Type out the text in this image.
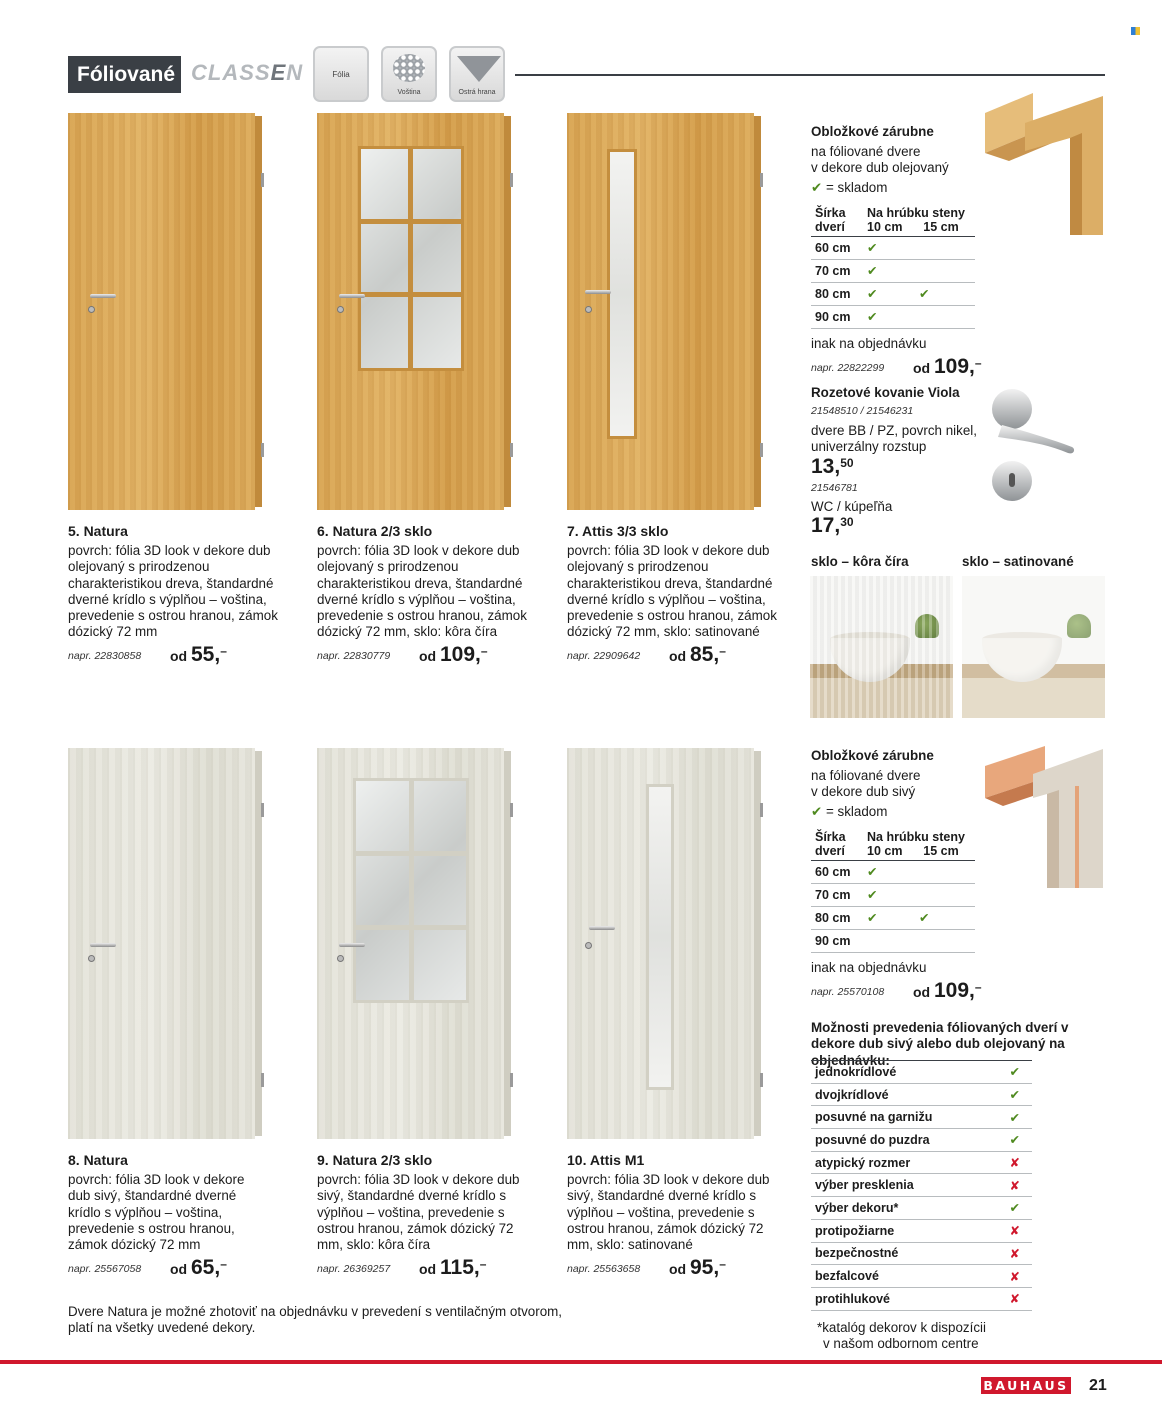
Fóliované CLASSEN	Fólia
Voština	Ostrá hrana
5. Natura
povrch: fólia 3D look v dekore dub olejovaný s prirodzenou charakteristikou dreva, štandardné dverné krídlo s výplňou – voština, prevedenie s ostrou hranou, zámok dózický 72 mm
napr. 22830858 od 55,–
6. Natura 2/3 sklo
povrch: fólia 3D look v dekore dub olejovaný s prirodzenou charakteristikou dreva, štandardné dverné krídlo s výplňou – voština, prevedenie s ostrou hranou, zámok dózický 72 mm, sklo: kôra číra
napr. 22830779 od 109,–
7. Attis 3/3 sklo
povrch: fólia 3D look v dekore dub olejovaný s prirodzenou charakteristikou dreva, štandardné dverné krídlo s výplňou – voština, prevedenie s ostrou hranou, zámok dózický 72 mm, sklo: satinované
napr. 22909642 od 85,–
8. Natura
povrch: fólia 3D look v dekore dub sivý, štandardné dverné krídlo s výplňou – voština, prevedenie s ostrou hranou, zámok dózický 72 mm
napr. 25567058 od 65,–
9. Natura 2/3 sklo
povrch: fólia 3D look v dekore dub sivý, štandardné dverné krídlo s výplňou – voština, prevedenie s ostrou hranou, zámok dózický 72 mm, sklo: kôra číra
napr. 26369257 od 115,–
10. Attis M1
povrch: fólia 3D look v dekore dub sivý, štandardné dverné krídlo s výplňou – voština, prevedenie s ostrou hranou, zámok dózický 72 mm, sklo: satinované
napr. 25563658 od 95,–
Obložkové zárubne
na fóliované dvere
v dekore dub olejovaný
✔ = skladom
Šírka dverí	Na hrúbku steny
10 cm 15 cm	
60 cm	✔	
70 cm	✔	
80 cm	✔	✔
90 cm	✔	
inak na objednávku
napr. 22822299 od 109,–
Rozetové kovanie Viola
21548510 / 21546231
dvere BB / PZ, povrch nikel,
univerzálny rozstup
13,50
21546781
WC / kúpeľňa
17,30
sklo – kôra číra	sklo – satinované
Obložkové zárubne
na fóliované dvere
v dekore dub sivý
✔ = skladom
Šírka dverí	Na hrúbku steny
10 cm 15 cm	
60 cm	✔	
70 cm	✔	
80 cm	✔	✔
90 cm		
inak na objednávku
napr. 25570108 od 109,–
Možnosti prevedenia fóliovaných dverí v dekore dub sivý alebo dub olejovaný na objednávku:
jednokrídlové	✔
dvojkrídlové	✔
posuvné na garnižu	✔
posuvné do puzdra	✔
atypický rozmer	✘
výber presklenia	✘
výber dekoru*	✔
protipožiarne	✘
bezpečnostné	✘
bezfalcové	✘
protihlukové	✘
*katalóg dekorov k dispozícii
v našom odbornom centre
Dvere Natura je možné zhotoviť na objednávku v prevedení s ventilačným otvorom,
platí na všetky uvedené dekory.
BAUHAUS 21
